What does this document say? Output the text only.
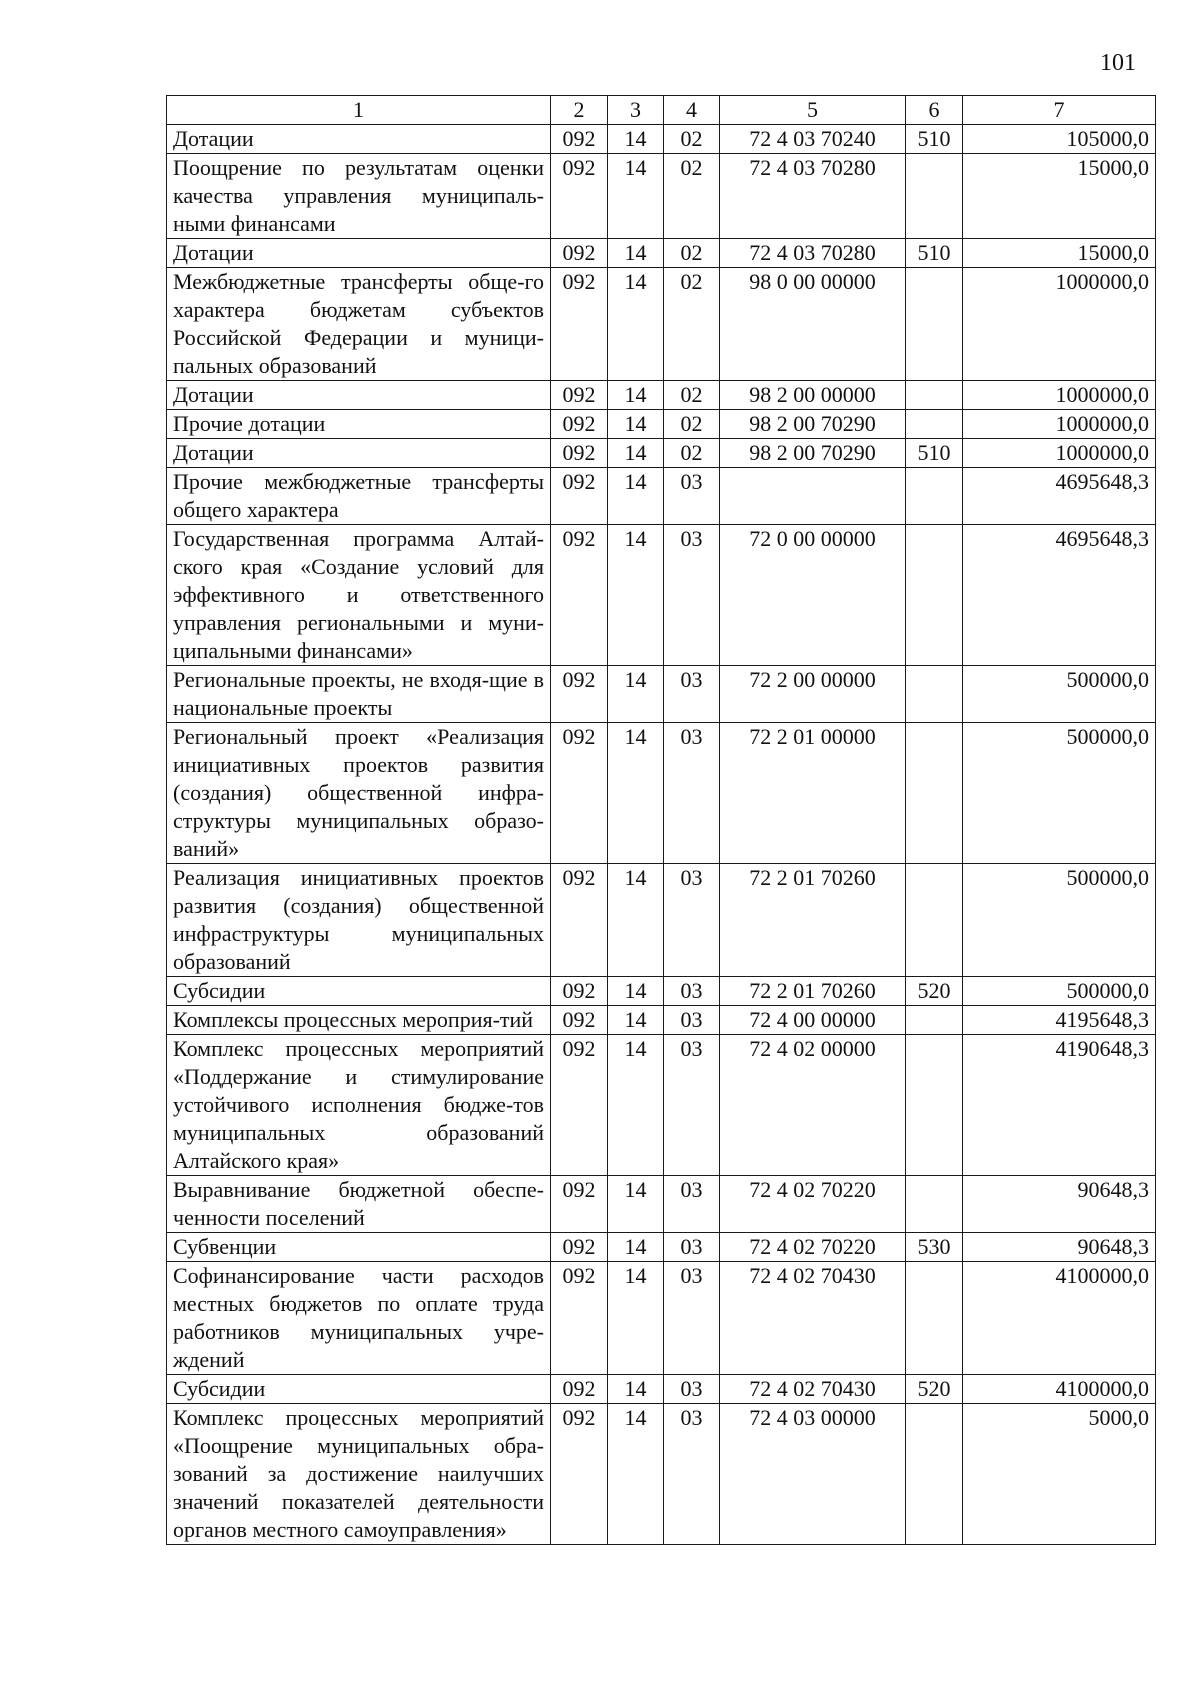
101
1	2	3	4	5	6	7
Дотации	092	14	02	72 4 03 70240	510	105000,0
Поощрение по результатам оценки качества управления муниципаль-ными финансами	092	14	02	72 4 03 70280		15000,0
Дотации	092	14	02	72 4 03 70280	510	15000,0
Межбюджетные трансферты обще-го характера бюджетам субъектов Российской Федерации и муници-пальных образований	092	14	02	98 0 00 00000		1000000,0
Дотации	092	14	02	98 2 00 00000		1000000,0
Прочие дотации	092	14	02	98 2 00 70290		1000000,0
Дотации	092	14	02	98 2 00 70290	510	1000000,0
Прочие межбюджетные трансферты общего характера	092	14	03			4695648,3
Государственная программа Алтай-ского края «Создание условий для эффективного и ответственного управления региональными и муни-ципальными финансами»	092	14	03	72 0 00 00000		4695648,3
Региональные проекты, не входя-щие в национальные проекты	092	14	03	72 2 00 00000		500000,0
Региональный проект «Реализация инициативных проектов развития (создания) общественной инфра-структуры муниципальных образо-ваний»	092	14	03	72 2 01 00000		500000,0
Реализация инициативных проектов развития (создания) общественной инфраструктуры муниципальных образований	092	14	03	72 2 01 70260		500000,0
Субсидии	092	14	03	72 2 01 70260	520	500000,0
Комплексы процессных мероприя-тий	092	14	03	72 4 00 00000		4195648,3
Комплекс процессных мероприятий «Поддержание и стимулирование устойчивого исполнения бюдже-тов муниципальных образований Алтайского края»	092	14	03	72 4 02 00000		4190648,3
Выравнивание бюджетной обеспе-ченности поселений	092	14	03	72 4 02 70220		90648,3
Субвенции	092	14	03	72 4 02 70220	530	90648,3
Софинансирование части расходов местных бюджетов по оплате труда работников муниципальных учре-ждений	092	14	03	72 4 02 70430		4100000,0
Субсидии	092	14	03	72 4 02 70430	520	4100000,0
Комплекс процессных мероприятий «Поощрение муниципальных обра-зований за достижение наилучших значений показателей деятельности органов местного самоуправления»	092	14	03	72 4 03 00000		5000,0
